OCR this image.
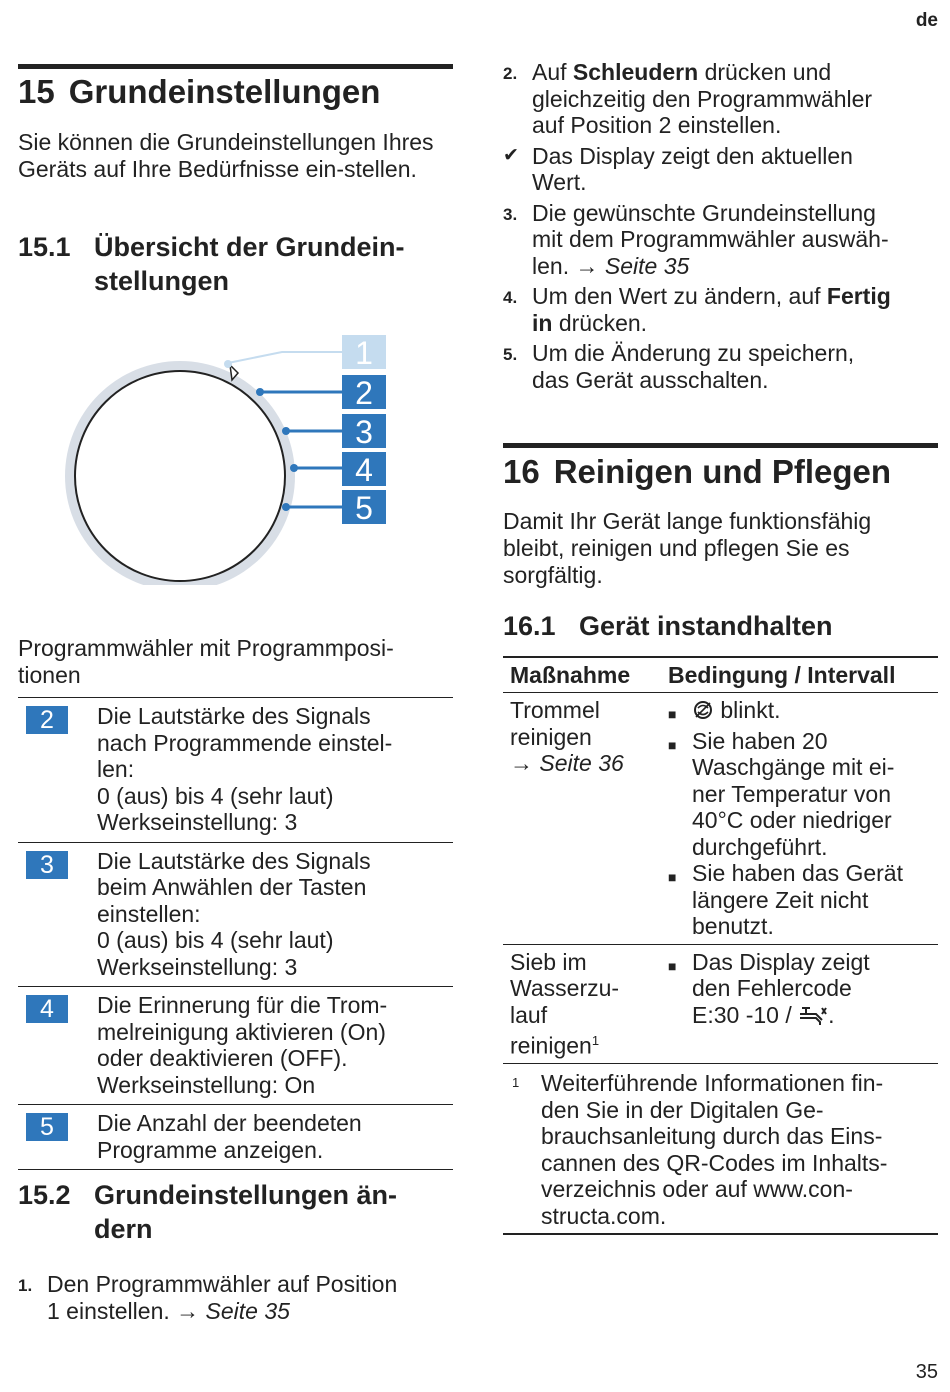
de
15 Grundeinstellungen

Sie können die Grundeinstellungen Ihres Geräts auf Ihre Bedürfnisse ein-stellen.

15.1 Übersicht der Grundein-
stellungen
1
2
3
4
5

Programmwähler mit Programmposi-tionen

2	Die Lautstärke des Signals
nach Programmende einstel-
len:
0 (aus) bis 4 (sehr laut)
Werkseinstellung: 3
3	Die Lautstärke des Signals
beim Anwählen der Tasten
einstellen:
0 (aus) bis 4 (sehr laut)
Werkseinstellung: 3
4	Die Erinnerung für die Trom-
melreinigung aktivieren (On)
oder deaktivieren (OFF).
Werkseinstellung: On
5	Die Anzahl der beendeten
Programme anzeigen.
15.2 Grundeinstellungen än-
dern
1. Den Programmwähler auf Position
1 einstellen. → Seite 35
2. Auf Schleudern drücken und
gleichzeitig den Programmwähler
auf Position 2 einstellen.
✔ Das Display zeigt den aktuellen
Wert.
3. Die gewünschte Grundeinstellung
mit dem Programmwähler auswäh-
len. → Seite 35
4. Um den Wert zu ändern, auf Fertig
in drücken.
5. Um die Änderung zu speichern,
das Gerät ausschalten.
16 Reinigen und Pflegen

Damit Ihr Gerät lange funktionsfähig
bleibt, reinigen und pflegen Sie es
sorgfältig.

16.1 Gerät instandhalten
Maßnahme	Bedingung / Intervall
Trommel
reinigen
→ Seite 36
■	blinkt.
■ Sie haben 20
Waschgänge mit ei-
ner Temperatur von
40°C oder niedriger
durchgeführt.
■ Sie haben das Gerät
längere Zeit nicht
benutzt.
Sieb im
Wasserzu-
lauf
reinigen$^1$
■ Das Display zeigt
den Fehlercode
E:30 -10 / .
1 Weiterführende Informationen fin-
den Sie in der Digitalen Ge-
brauchsanleitung durch das Eins-
cannen des QR-Codes im Inhalts-
verzeichnis oder auf www.con-
structa.com.
35
